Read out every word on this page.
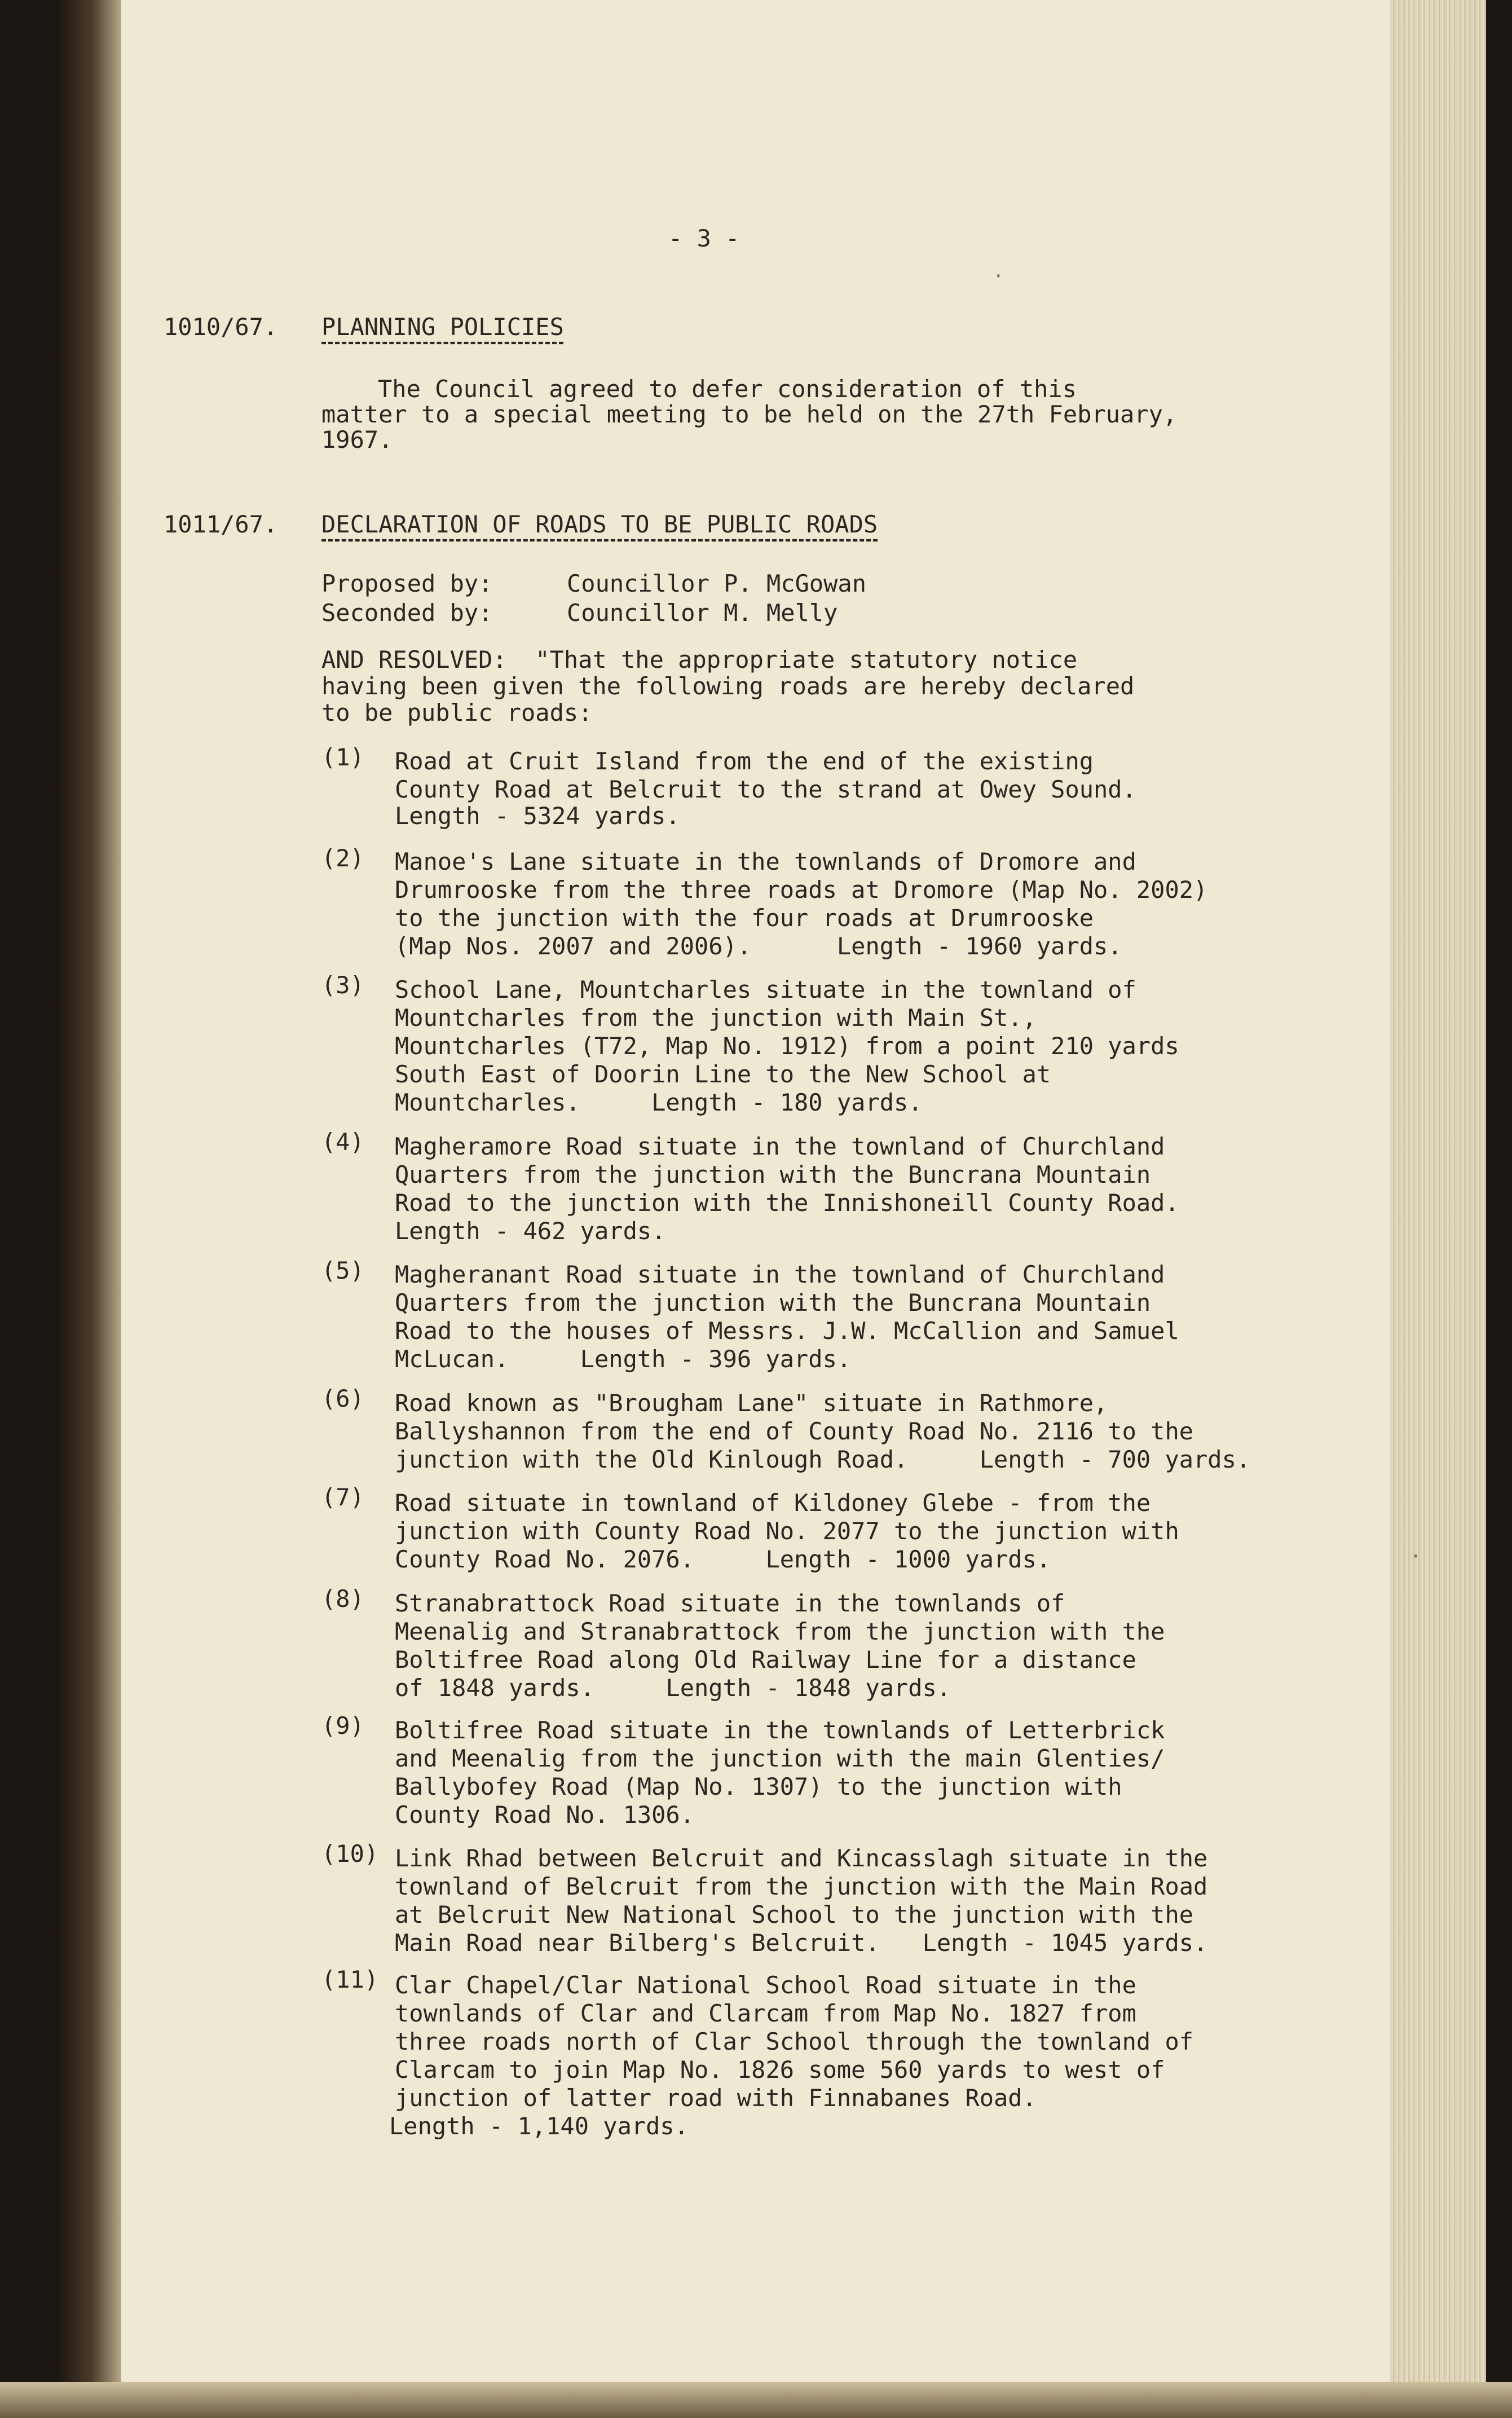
- 3 -
1010/67. PLANNING POLICIES
The Council agreed to defer consideration of this
matter to a special meeting to be held on the 27th February,
1967.
1011/67. DECLARATION OF ROADS TO BE PUBLIC ROADS
Proposed by:	Councillor P. McGowan
Seconded by:	Councillor M. Melly
AND RESOLVED:  "That the appropriate statutory notice
having been given the following roads are hereby declared
to be public roads:
(1) Road at Cruit Island from the end of the existing
County Road at Belcruit to the strand at Owey Sound.
Length - 5324 yards.
(2) Manoe's Lane situate in the townlands of Dromore and
Drumrooske from the three roads at Dromore (Map No. 2002)
to the junction with the four roads at Drumrooske
(Map Nos. 2007 and 2006).      Length - 1960 yards.
(3) School Lane, Mountcharles situate in the townland of
Mountcharles from the junction with Main St.,
Mountcharles (T72, Map No. 1912) from a point 210 yards
South East of Doorin Line to the New School at
Mountcharles.     Length - 180 yards.
(4) Magheramore Road situate in the townland of Churchland
Quarters from the junction with the Buncrana Mountain
Road to the junction with the Innishoneill County Road.
Length - 462 yards.
(5) Magheranant Road situate in the townland of Churchland
Quarters from the junction with the Buncrana Mountain
Road to the houses of Messrs. J.W. McCallion and Samuel
McLucan.     Length - 396 yards.
(6) Road known as "Brougham Lane" situate in Rathmore,
Ballyshannon from the end of County Road No. 2116 to the
junction with the Old Kinlough Road.     Length - 700 yards.
(7) Road situate in townland of Kildoney Glebe - from the
junction with County Road No. 2077 to the junction with
County Road No. 2076.     Length - 1000 yards.
(8) Stranabrattock Road situate in the townlands of
Meenalig and Stranabrattock from the junction with the
Boltifree Road along Old Railway Line for a distance
of 1848 yards.     Length - 1848 yards.
(9) Boltifree Road situate in the townlands of Letterbrick
and Meenalig from the junction with the main Glenties/
Ballybofey Road (Map No. 1307) to the junction with
County Road No. 1306.
(10) Link Rhad between Belcruit and Kincasslagh situate in the
townland of Belcruit from the junction with the Main Road
at Belcruit New National School to the junction with the
Main Road near Bilberg's Belcruit.   Length - 1045 yards.
(11) Clar Chapel/Clar National School Road situate in the
townlands of Clar and Clarcam from Map No. 1827 from
three roads north of Clar School through the townland of
Clarcam to join Map No. 1826 some 560 yards to west of
junction of latter road with Finnabanes Road.
Length - 1,140 yards.
·
·
